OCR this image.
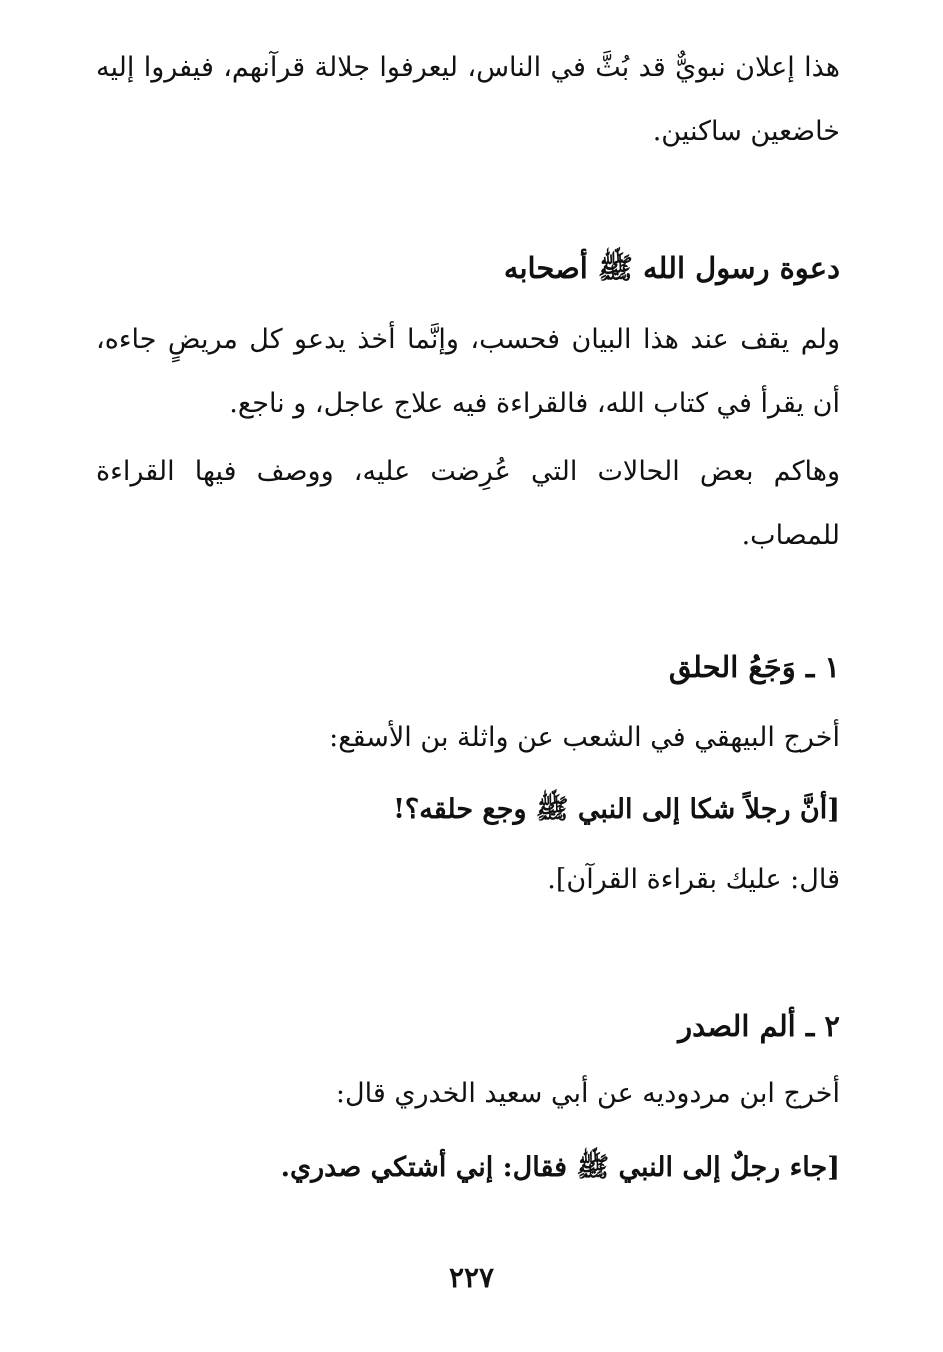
هذا إعلان نبويٌّ قد بُثَّ في الناس، ليعرفوا جلالة قرآنهم، فيفروا إليه خاضعين ساكنين.

دعوة رسول الله ﷺ أصحابه

ولم يقف عند هذا البيان فحسب، وإنَّما أخذ يدعو كل مريضٍ جاءه، أن يقرأ في كتاب الله، فالقراءة فيه علاج عاجل، و ناجع.

وهاكم بعض الحالات التي عُرِضت عليه، ووصف فيها القراءة للمصاب.

١ ـ وَجَعُ الحلق

أخرج البيهقي في الشعب عن واثلة بن الأسقع:

[أنَّ رجلاً شكا إلى النبي ﷺ وجع حلقه؟!

قال: عليك بقراءة القرآن].

٢ ـ ألم الصدر

أخرج ابن مردوديه عن أبي سعيد الخدري قال:

[جاء رجلٌ إلى النبي ﷺ فقال: إني أشتكي صدري.

٢٢٧
